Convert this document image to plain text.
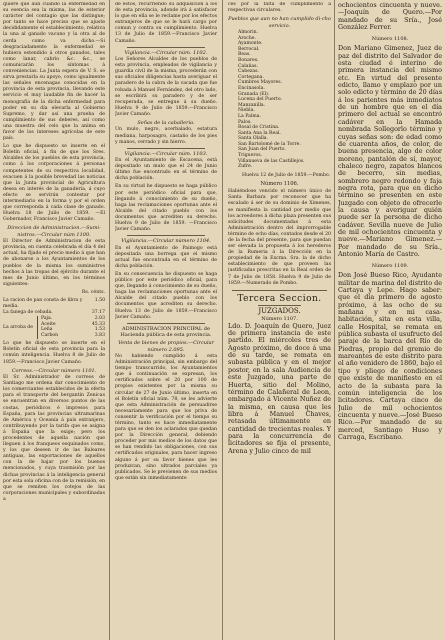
quiere que aún cuando la enfermedad en su esencia sea la misma, las de esterior carácter del contagio que las distingue; por tanto se hace preciso que se ajuste decididamente el establecimiento, relativa la una al ganado vacuno y la otra al de cerda como va dicho.—Si desgraciadamente la enfermedad se hubiera estendido á otros ganados, tales como lanar, cabrío &c. &c., se comunicarán los síntomas á conveniencias. La Junta espera de V. S. se sirva prestarla su apoyo, como igualmente las señales encenagas conocidas en la provincia de esta provincia, llevando este servicio el muy laudable fin de hacer la monografía de la dicha enfermedad para poder en su día elevarla al Gobierno Supremo, y dar así una prueba de cumplimiento de sus deberes, así como una muestra del celo que la anima en favor de los intereses agrícolas de este país.

Lo que he dispuesto se inserte en el Boletín oficial, á fin de que los Sres. Alcaldes de los pueblos de esta provincia, como á los corporaciones á personas competentes de su respectiva localidad, evacuen á la posible brevedad las noticias que la Junta provincial de Agricultura desea en interés de la ganadería, á cuyo efecto se servirán contestar por intermediario en la forma y por el orden que corresponda á cada clase de ganado. Huelva 18 de Julio de 1859. —El Gobernador, Francisco Javier Camaño.

Direccion de Administracion.—Sumi-nistros.—Circular núm 1100.

El Director de Administracion de esta provincia, en cuenta celebrada el día 4 del actual, ha fijado el precio medio á que han de abonarse a los Ayuntamientos de los pueblos de la misma los suministros hechos á las tropas del ejército durante el mes de Junio último, en los términos siguientes:

Rs. cénts.
La racion de pan consta de libra y media.
1.50
La fanega de cebada.	37.17
La arroba de
Paja.	2.03
Aceite	45.33
Leña	1.53
Carbon	3.83

Lo que he dispuesto se inserte en el Boletín oficial de esta provincia para la común inteligencia. Huelva 8 de Julio de 1859.—Francisco Javier Camaño.

Correos.—Circular número 1101.

El Sr. Administrador de correos de Santiago me ordena dar conocimiento de los comerciantes establecidos de la oferta para el transporte del bergantín Zenicas se encuentran en diversos puntos de las costas, periódicos é impresos para España, para las provincias ultramarinas de América y Oceanía á país extranjero, contribuyendo por la tarifa que se asigna á España que la exige; pero los procedentes de aquella nación que lleguen á los franqueos esquinados como, y los que deseen ir de las Baleares antiguas, las exportaciones de aquellos con la de bajar por los buenos mencionados, y cuya trasmisión por las dichas provincias á la inteligencia general por esta sola oficina con de la remisión, en que se remiten los cotejos de las corporaciones municipales y subordinadas a

de estos, recurriendo su adquisición á los de esta provincia, adonde irá á satisfacer lo que en ella se le reclame por los efectos extranjeros de que se le hará cargo por comun y contra su cumplimiento. Huelva 13 de Julio de 1859.—Francisco Javier Camaño.

Vigilancia.—Circular núm. 1102.

Los Señores Alcaldes de los pueblos de esta provincia, empleados de vigilancia y guardia civil de la misma, procederán con sus oficiales diligencias hasta averiguar el paradero de la cabra de la vacada que fue robada á Manuel Fernández, del otro lado, se escribirá su paradero y de ser recuperada, se entregue á su dueño. Huelva 9 de Julio de 1859.—Francisco Javier Camaño.

Señas de la caballería.

Un mulo, negro, acerbalado, estatura mediana, harposagro, castaño de los pies y manos, cerrado y sin hierro.

Vigilancia.—Circular núm. 1103.

En el Ayuntamiento de Escacena, está depositado un mulo que el 24 de Junio último fue encontrado en el término de dicha población.

En su virtud he dispuesto se haga público por este periódico oficial para que, llegando á conocimiento de su dueño, haga las reclamaciones oportunas ante el Alcalde del citado pueblo con los documentos que acrediten su derecho. Huelva 9 de Julio de 1859. —Francisco Javier Camaño.

Vigilancia.—Circular número 1104.

En el Ayuntamiento de Paimogo está depositada una borrega que el mismo actual fue encontrada en el término de dicha población.

En su consecuencia he dispuesto se haga público por este periódico oficial, para que, llegando á conocimiento de su dueño, haga las reclamaciones oportunas ante el Alcalde del citado pueblo con los documentos que acrediten su derecho. Huelva 13 de Julio de 1859.—Francisco Javier Camaño.

ADMINISTRACION PRINCIPAL de Hacienda pública de esta provincia.
Venta de bienes de propios.—Circular número 2.095.

No habiendo cumplido á esta Administración principal, sin embargo del tiempo transcurrido, los Ayuntamientos que á continuación se expresan, los certificados sobre el 20 por 100 de propios existentes por la misma su circular de 27 de Junio último, inserta en el Boletín oficial núm. 78, se les advierte que esta Administración de persuadirse necesariamente para que los priva de consentir la verificación por el tiempo su término, tanto es hace inmediatamente para que se den los aclarados que quedan por la Dirección general, debiendo proceder por mis medios de los datos que se han rendido las obligaciones, con sus certificados originales, para hacer ingreso alguno á por su favor bienes que les produzcan, sino ultrados parciales ya publicados. Se le previenen de sus medios que están sin inmediatamente

ces por la falta de cumplimiento á respectivas circulares.

Pueblos que aun no han cumplido di-cho servicio.

Almorin.

Aroche.

Ayamonte.

Berrocal.

Beas.

Bonares.

Calañas.

Cabezas.

Cortegana.

Cumbres Mayores.

Encinasola.

Granada (El).

Lucena del Puerto.

Manzanilla.

Niebla.

La Palma.

Palos.

Rosal de Cristina.

Santa Ana la Real.

Santa Olalla.

San Bartolomé de la Torre.

San Juan del Puerto.

Trigueros.

Villanueva de las Castillejos.

Zufre.

Huelva 12 de Julio de 1859.—Pombo.
Número 1106.

Habiéndose vencido el número único de Santa Barbara por reconocer que ha escalado á ser de su dominio de Ximenes, se manifiesta la cantidad por medio que los acreedores á dicha plaza presenten sus solicitudes documentadas á esta Administración dentro del improrrogable término de ocho días, contados desde el 20 de la fecha del presente, para que puedan ser elevada la propuesta á los herederos de la Rumeria á la Dirección en la propiedad de la Excma. Sra. la de dicho establecimiento de que proveen las justificadas prescritas en la Real orden de 7 de Julio de 1858. Huelva 9 de Julio de 1859.—Numerado de Pombo.

Tercera Seccion.
JUZGADOS.
Número 1107.

Ldo. D. Joaquín de Quero, Juez de primera instancia de este partido. El miércoles tres de Agosto próximo, de doce á una de su tarde, se remata en subasta pública y en el mejor postor, en la sala Audiencia de este Juzgado, una parte de Huerta, sitio del Molino, término de Calañeral de Leon, embargado á Vicente Nuñez de la misma, en causa que les libra á Manuel Chaves, retasada últimamente en cantidad de trecientas reales. Y para la concurrencia de licitadores se fija el presente, Arena y Julio cinco de mil

ochocientos cincuenta y nueve.—Joaquín de Quero.—Por mandado de su Sría., José González Ferrer.

Número 1108.

Don Mariano Gimenez, Juez de paz del distrito del Salvador de esta ciudad é interino de primera instancia del mismo etc. En virtud del presente edicto, llamo y emplazo por un solo edicto y término de 20 días á los parientes más inmediatos de un hombre que en el día primero del actual se encontró cadáver en la Hamada nombrada Sollegorlo término y cuyas señas son: de edad como de cuarenta años, de color, de buena presencia, algo de color moreno, pantalón de sí, mayor, chaleco negro, zapatos blancos de becerro, sin medias, sombrero negro redondo y faja negra rota, para que en dicho término se presenten en este Juzgado con objeto de ofrecerle la causa y averiguar quién puede ser la persona de dicho cadáver. Sevilla nueve de Julio de mil ochocientos cincuenta y nueve.—Mariano Gimenez.—Por mandado de su Sría., Antonio María de Castro.

Número 1109.

Don José Bueso Rico, Ayudante militar de marina del distrito de Cartaya y Lepe. Hago saber: que el día primero de agosto próximo, á las ocho de su mañana y en mi casa-habitación, sita en esta villa, calle Hospital, se remata en pública subasta el usufructo del paraje de la barca del Río de Piedras, propio del gremio de mareantes de este distrito para el año venidero de 1860, bajo el tipo y pliego de condiciones que existe de manifiesto en el acto de la subasta para la común inteligencia de los licitadores. Cartaya cinco de Julio de mil ochocientos cincuenta y nueve.—José Bueso Rico.—Por mandado de su merced, Santiago Huso y Carraga, Escribano.
